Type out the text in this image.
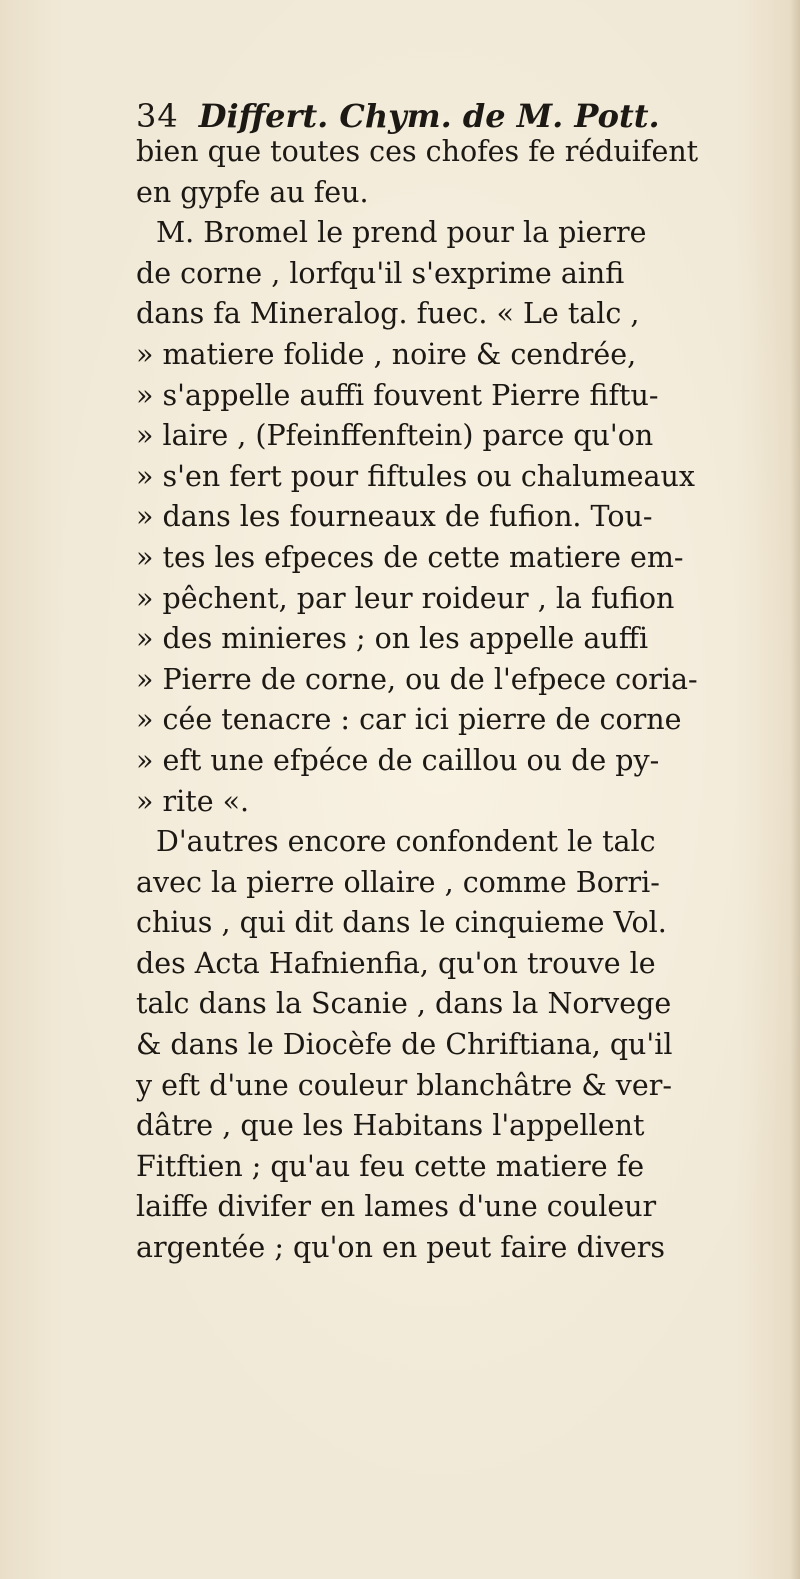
34 Differt. Chym. de M. Pott.
bien que toutes ces chofes fe réduifent
en gypfe au feu.
M. Bromel le prend pour la pierre
de corne , lorfqu'il s'exprime ainfi
dans fa Mineralog. fuec. « Le talc ,
» matiere folide , noire & cendrée,
» s'appelle auffi fouvent Pierre fiftu-
» laire , (Pfeinffenftein) parce qu'on
» s'en fert pour fiftules ou chalumeaux
» dans les fourneaux de fufion. Tou-
» tes les efpeces de cette matiere em-
» pêchent, par leur roideur , la fufion
» des minieres ; on les appelle auffi
» Pierre de corne, ou de l'efpece coria-
» cée tenacre : car ici pierre de corne
» eft une efpéce de caillou ou de py-
» rite «.
D'autres encore confondent le talc
avec la pierre ollaire , comme Borri-
chius , qui dit dans le cinquieme Vol.
des Acta Hafnienfia, qu'on trouve le
talc dans la Scanie , dans la Norvege
& dans le Diocèfe de Chriftiana, qu'il
y eft d'une couleur blanchâtre & ver-
dâtre , que les Habitans l'appellent
Fitftien ; qu'au feu cette matiere fe
laiffe divifer en lames d'une couleur
argentée ; qu'on en peut faire divers
